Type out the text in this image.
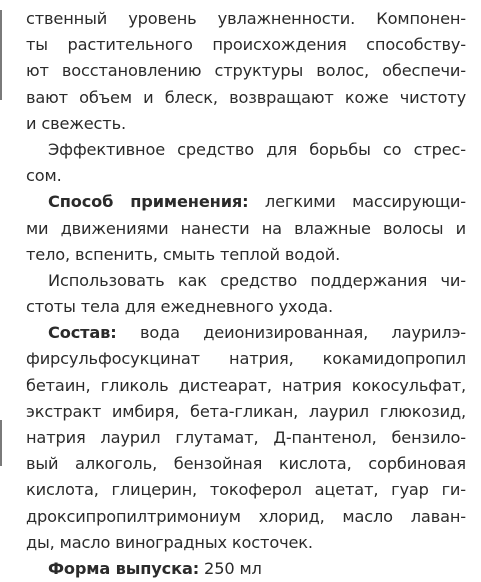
ственный уровень увлажненности. Компонен-
ты растительного происхождения способству-
ют восстановлению структуры волос, обеспечи-
вают объем и блеск, возвращают коже чистоту
и свежесть.
Эффективное средство для борьбы со стрес-
сом.
Способ применения: легкими массирующи-
ми движениями нанести на влажные волосы и
тело, вспенить, смыть теплой водой.
Использовать как средство поддержания чи-
стоты тела для ежедневного ухода.
Состав: вода деионизированная, лаурилэ-
фирсульфосукцинат натрия, кокамидопропил
бетаин, гликоль дистеарат, натрия кокосульфат,
экстракт имбиря, бета-гликан, лаурил глюкозид,
натрия лаурил глутамат, Д-пантенол, бензило-
вый алкоголь, бензойная кислота, сорбиновая
кислота, глицерин, токоферол ацетат, гуар ги-
дроксипропилтримониум хлорид, масло лаван-
ды, масло виноградных косточек.
Форма выпуска: 250 мл
